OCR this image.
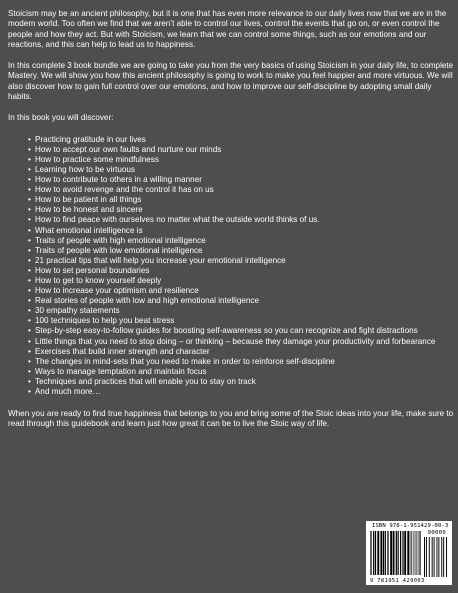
Stoicism may be an ancient philosophy, but it is one that has even more relevance to our daily lives now that we are in the modern world. Too often we find that we aren’t able to control our lives, control the events that go on, or even control the people and how they act. But with Stoicism, we learn that we can control some things, such as our emotions and our reactions, and this can help to lead us to happiness.

In this complete 3 book bundle we are going to take you from the very basics of using Stoicism in your daily life, to complete Mastery. We will show you how this ancient philosophy is going to work to make you feel happier and more virtuous. We will also discover how to gain full control over our emotions, and how to improve our self-discipline by adopting small daily habits.

In this book you will discover:

• Practicing gratitude in our lives
• How to accept our own faults and nurture our minds
• How to practice some mindfulness
• Learning how to be virtuous
• How to contribute to others in a willing manner
• How to avoid revenge and the control it has on us
• How to be patient in all things
• How to be honest and sincere
• How to find peace with ourselves no matter what the outside world thinks of us.
• What emotional intelligence is
• Traits of people with high emotional intelligence
• Traits of people with low emotional intelligence
• 21 practical tips that will help you increase your emotional intelligence
• How to set personal boundaries
• How to get to know yourself deeply
• How to increase your optimism and resilience
• Real stories of people with low and high emotional intelligence
• 30 empathy statements
• 100 techniques to help you beat stress
• Step-by-step easy-to-follow guides for boosting self-awareness so you can recognize and fight distractions
• Little things that you need to stop doing – or thinking – because they damage your productivity and forbearance
• Exercises that build inner strength and character
• The changes in mind-sets that you need to make in order to reinforce self-discipline
• Ways to manage temptation and maintain focus
• Techniques and practices that will enable you to stay on track
• And much more…

When you are ready to find true happiness that belongs to you and bring some of the Stoic ideas into your life, make sure to read through this guidebook and learn just how great it can be to live the Stoic way of life.

ISBN 978-1-951429-00-3
90000
9 781951 429003
